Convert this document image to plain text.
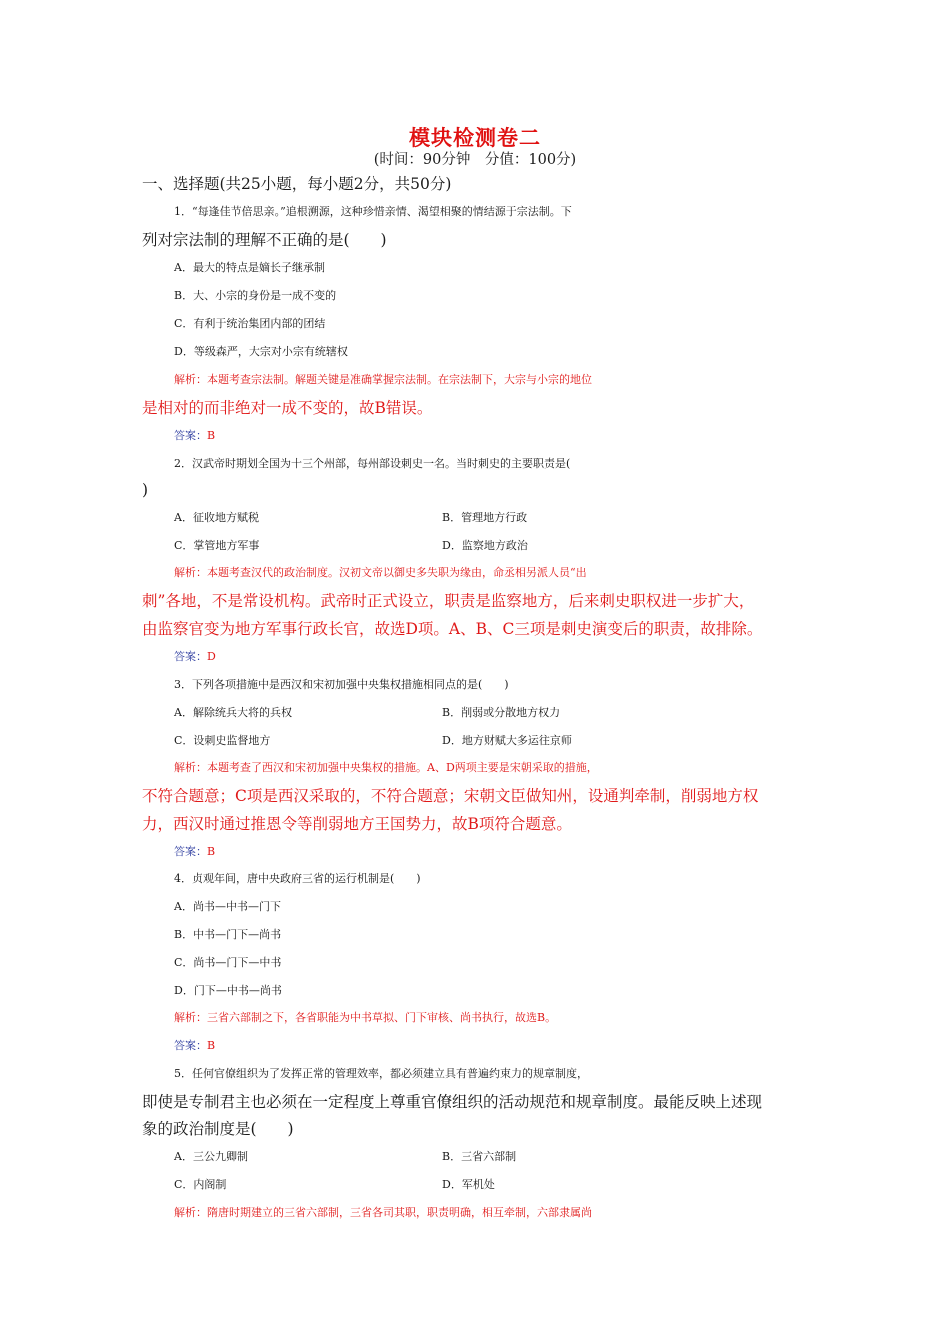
模块检测卷二
(时间：90分钟　分值：100分)
一、选择题(共25小题，每小题2分，共50分)
1．“每逢佳节倍思亲。”追根溯源，这种珍惜亲情、渴望相聚的情结源于宗法制。下
列对宗法制的理解不正确的是(　　)
A．最大的特点是嫡长子继承制
B．大、小宗的身份是一成不变的
C．有利于统治集团内部的团结
D．等级森严，大宗对小宗有统辖权
解析：本题考查宗法制。解题关键是准确掌握宗法制。在宗法制下，大宗与小宗的地位
是相对的而非绝对一成不变的，故B错误。
答案：B
2．汉武帝时期划全国为十三个州部，每州部设刺史一名。当时刺史的主要职责是(
)
A．征收地方赋税	B．管理地方行政
C．掌管地方军事	D．监察地方政治
解析：本题考查汉代的政治制度。汉初文帝以御史多失职为缘由，命丞相另派人员“出
刺”各地，不是常设机构。武帝时正式设立，职责是监察地方，后来刺史职权进一步扩大，
由监察官变为地方军事行政长官，故选D项。A、B、C三项是刺史演变后的职责，故排除。
答案：D
3．下列各项措施中是西汉和宋初加强中央集权措施相同点的是(　　)
A．解除统兵大将的兵权	B．削弱或分散地方权力
C．设刺史监督地方	D．地方财赋大多运往京师
解析：本题考查了西汉和宋初加强中央集权的措施。A、D两项主要是宋朝采取的措施，
不符合题意；C项是西汉采取的，不符合题意；宋朝文臣做知州，设通判牵制，削弱地方权
力，西汉时通过推恩令等削弱地方王国势力，故B项符合题意。
答案：B
4．贞观年间，唐中央政府三省的运行机制是(　　)
A．尚书—中书—门下
B．中书—门下—尚书
C．尚书—门下—中书
D．门下—中书—尚书
解析：三省六部制之下，各省职能为中书草拟、门下审核、尚书执行，故选B。
答案：B
5．任何官僚组织为了发挥正常的管理效率，都必须建立具有普遍约束力的规章制度，
即使是专制君主也必须在一定程度上尊重官僚组织的活动规范和规章制度。最能反映上述现
象的政治制度是(　　)
A．三公九卿制	B．三省六部制
C．内阁制	D．军机处
解析：隋唐时期建立的三省六部制，三省各司其职，职责明确，相互牵制，六部隶属尚
